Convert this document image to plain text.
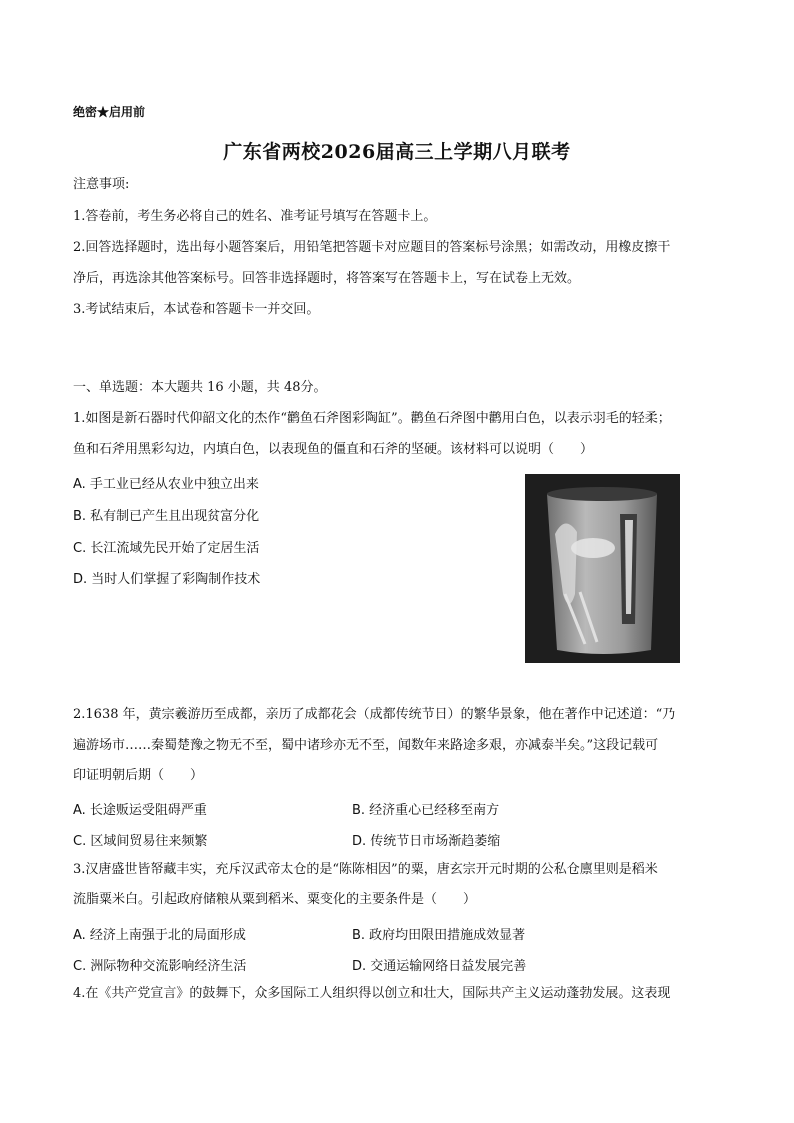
绝密★启用前
广东省两校2026届高三上学期八月联考
注意事项:
1.答卷前，考生务必将自己的姓名、准考证号填写在答题卡上。
2.回答选择题时，选出每小题答案后，用铅笔把答题卡对应题目的答案标号涂黑；如需改动，用橡皮擦干
净后，再选涂其他答案标号。回答非选择题时，将答案写在答题卡上，写在试卷上无效。
3.考试结束后，本试卷和答题卡一并交回。
一、单选题：本大题共 16 小题，共 48分。
1.如图是新石器时代仰韶文化的杰作“鹳鱼石斧图彩陶缸”。鹳鱼石斧图中鹳用白色，以表示羽毛的轻柔；
鱼和石斧用黑彩勾边，内填白色，以表现鱼的僵直和石斧的坚硬。该材料可以说明（　　）
A. 手工业已经从农业中独立出来
B. 私有制已产生且出现贫富分化
C. 长江流域先民开始了定居生活
D. 当时人们掌握了彩陶制作技术
2.1638 年，黄宗羲游历至成都，亲历了成都花会（成都传统节日）的繁华景象，他在著作中记述道：“乃
遍游场市……秦蜀楚豫之物无不至，蜀中诸珍亦无不至，闻数年来路途多艰，亦减泰半矣。”这段记载可
印证明朝后期（　　）
A. 长途贩运受阻碍严重	B. 经济重心已经移至南方
C. 区域间贸易往来频繁	D. 传统节日市场渐趋萎缩
3.汉唐盛世皆帑藏丰实，充斥汉武帝太仓的是“陈陈相因”的粟，唐玄宗开元时期的公私仓廪里则是稻米
流脂粟米白。引起政府储粮从粟到稻米、粟变化的主要条件是（　　）
A. 经济上南强于北的局面形成	B. 政府均田限田措施成效显著
C. 洲际物种交流影响经济生活	D. 交通运输网络日益发展完善
4.在《共产党宣言》的鼓舞下，众多国际工人组织得以创立和壮大，国际共产主义运动蓬勃发展。这表现
